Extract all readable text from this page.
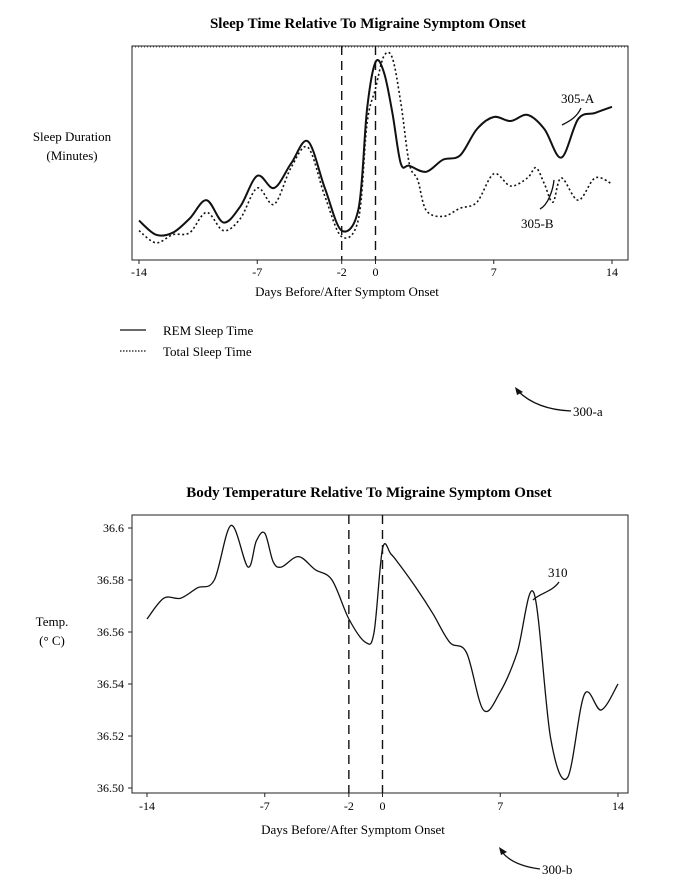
Sleep Time Relative To Migraine Symptom Onset
Sleep Duration
(Minutes)
-14	-7	-2 0	7	14
Days Before/After Symptom Onset
305-A
305-B
REM Sleep Time
Total Sleep Time
300-a
Body Temperature Relative To Migraine Symptom Onset
Temp.
(° C)
36.50
36.52
36.54
36.56
36.58
36.6
-14	-7	-2 0	7	14
Days Before/After Symptom Onset
310
300-b
